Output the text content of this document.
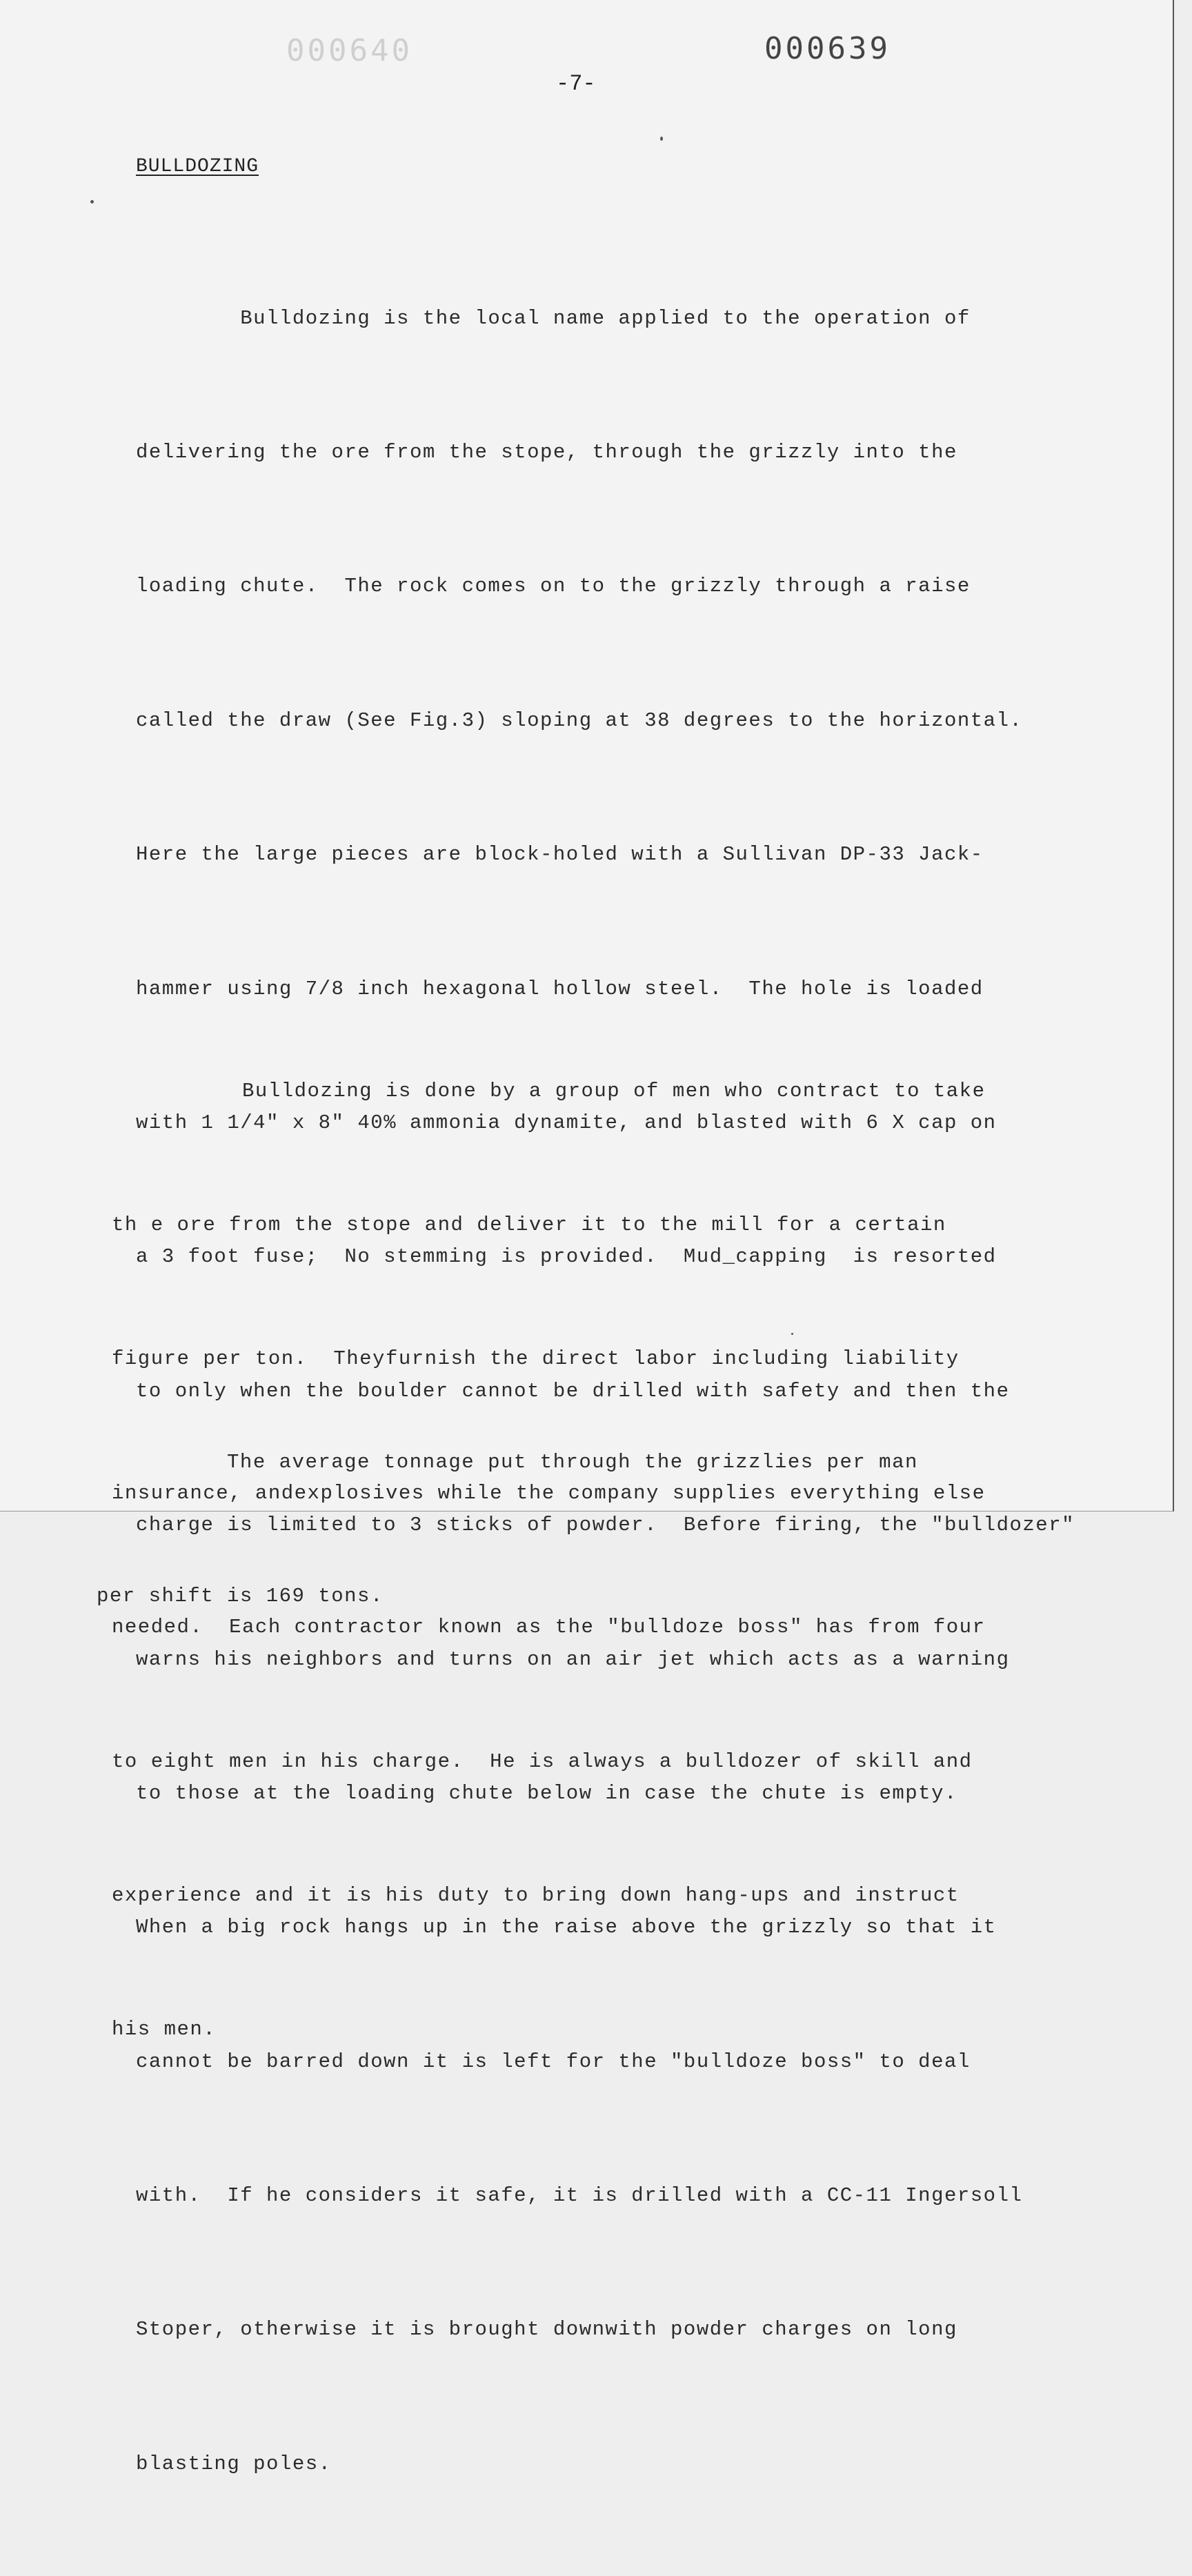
000640	000639
-7-
BULLDOZING

Bulldozing is the local name applied to the operation of

delivering the ore from the stope, through the grizzly into the

loading chute.  The rock comes on to the grizzly through a raise

called the draw (See Fig.3) sloping at 38 degrees to the horizontal.

Here the large pieces are block-holed with a Sullivan DP-33 Jack-

hammer using 7/8 inch hexagonal hollow steel.  The hole is loaded

with 1 1/4" x 8" 40% ammonia dynamite, and blasted with 6 X cap on

a 3 foot fuse;  No stemming is provided.  Mud_capping  is resorted

to only when the boulder cannot be drilled with safety and then the

charge is limited to 3 sticks of powder.  Before firing, the "bulldozer"

warns his neighbors and turns on an air jet which acts as a warning

to those at the loading chute below in case the chute is empty.

When a big rock hangs up in the raise above the grizzly so that it

cannot be barred down it is left for the "bulldoze boss" to deal

with.  If he considers it safe, it is drilled with a CC-11 Ingersoll

Stoper, otherwise it is brought downwith powder charges on long

blasting poles.

Bulldozing is done by a group of men who contract to take

th e ore from the stope and deliver it to the mill for a certain

figure per ton.  Theyfurnish the direct labor including liability

insurance, andexplosives while the company supplies everything else

needed.  Each contractor known as the "bulldoze boss" has from four

to eight men in his charge.  He is always a bulldozer of skill and

experience and it is his duty to bring down hang-ups and instruct

his men.

The average tonnage put through the grizzlies per man

per shift is 169 tons.
